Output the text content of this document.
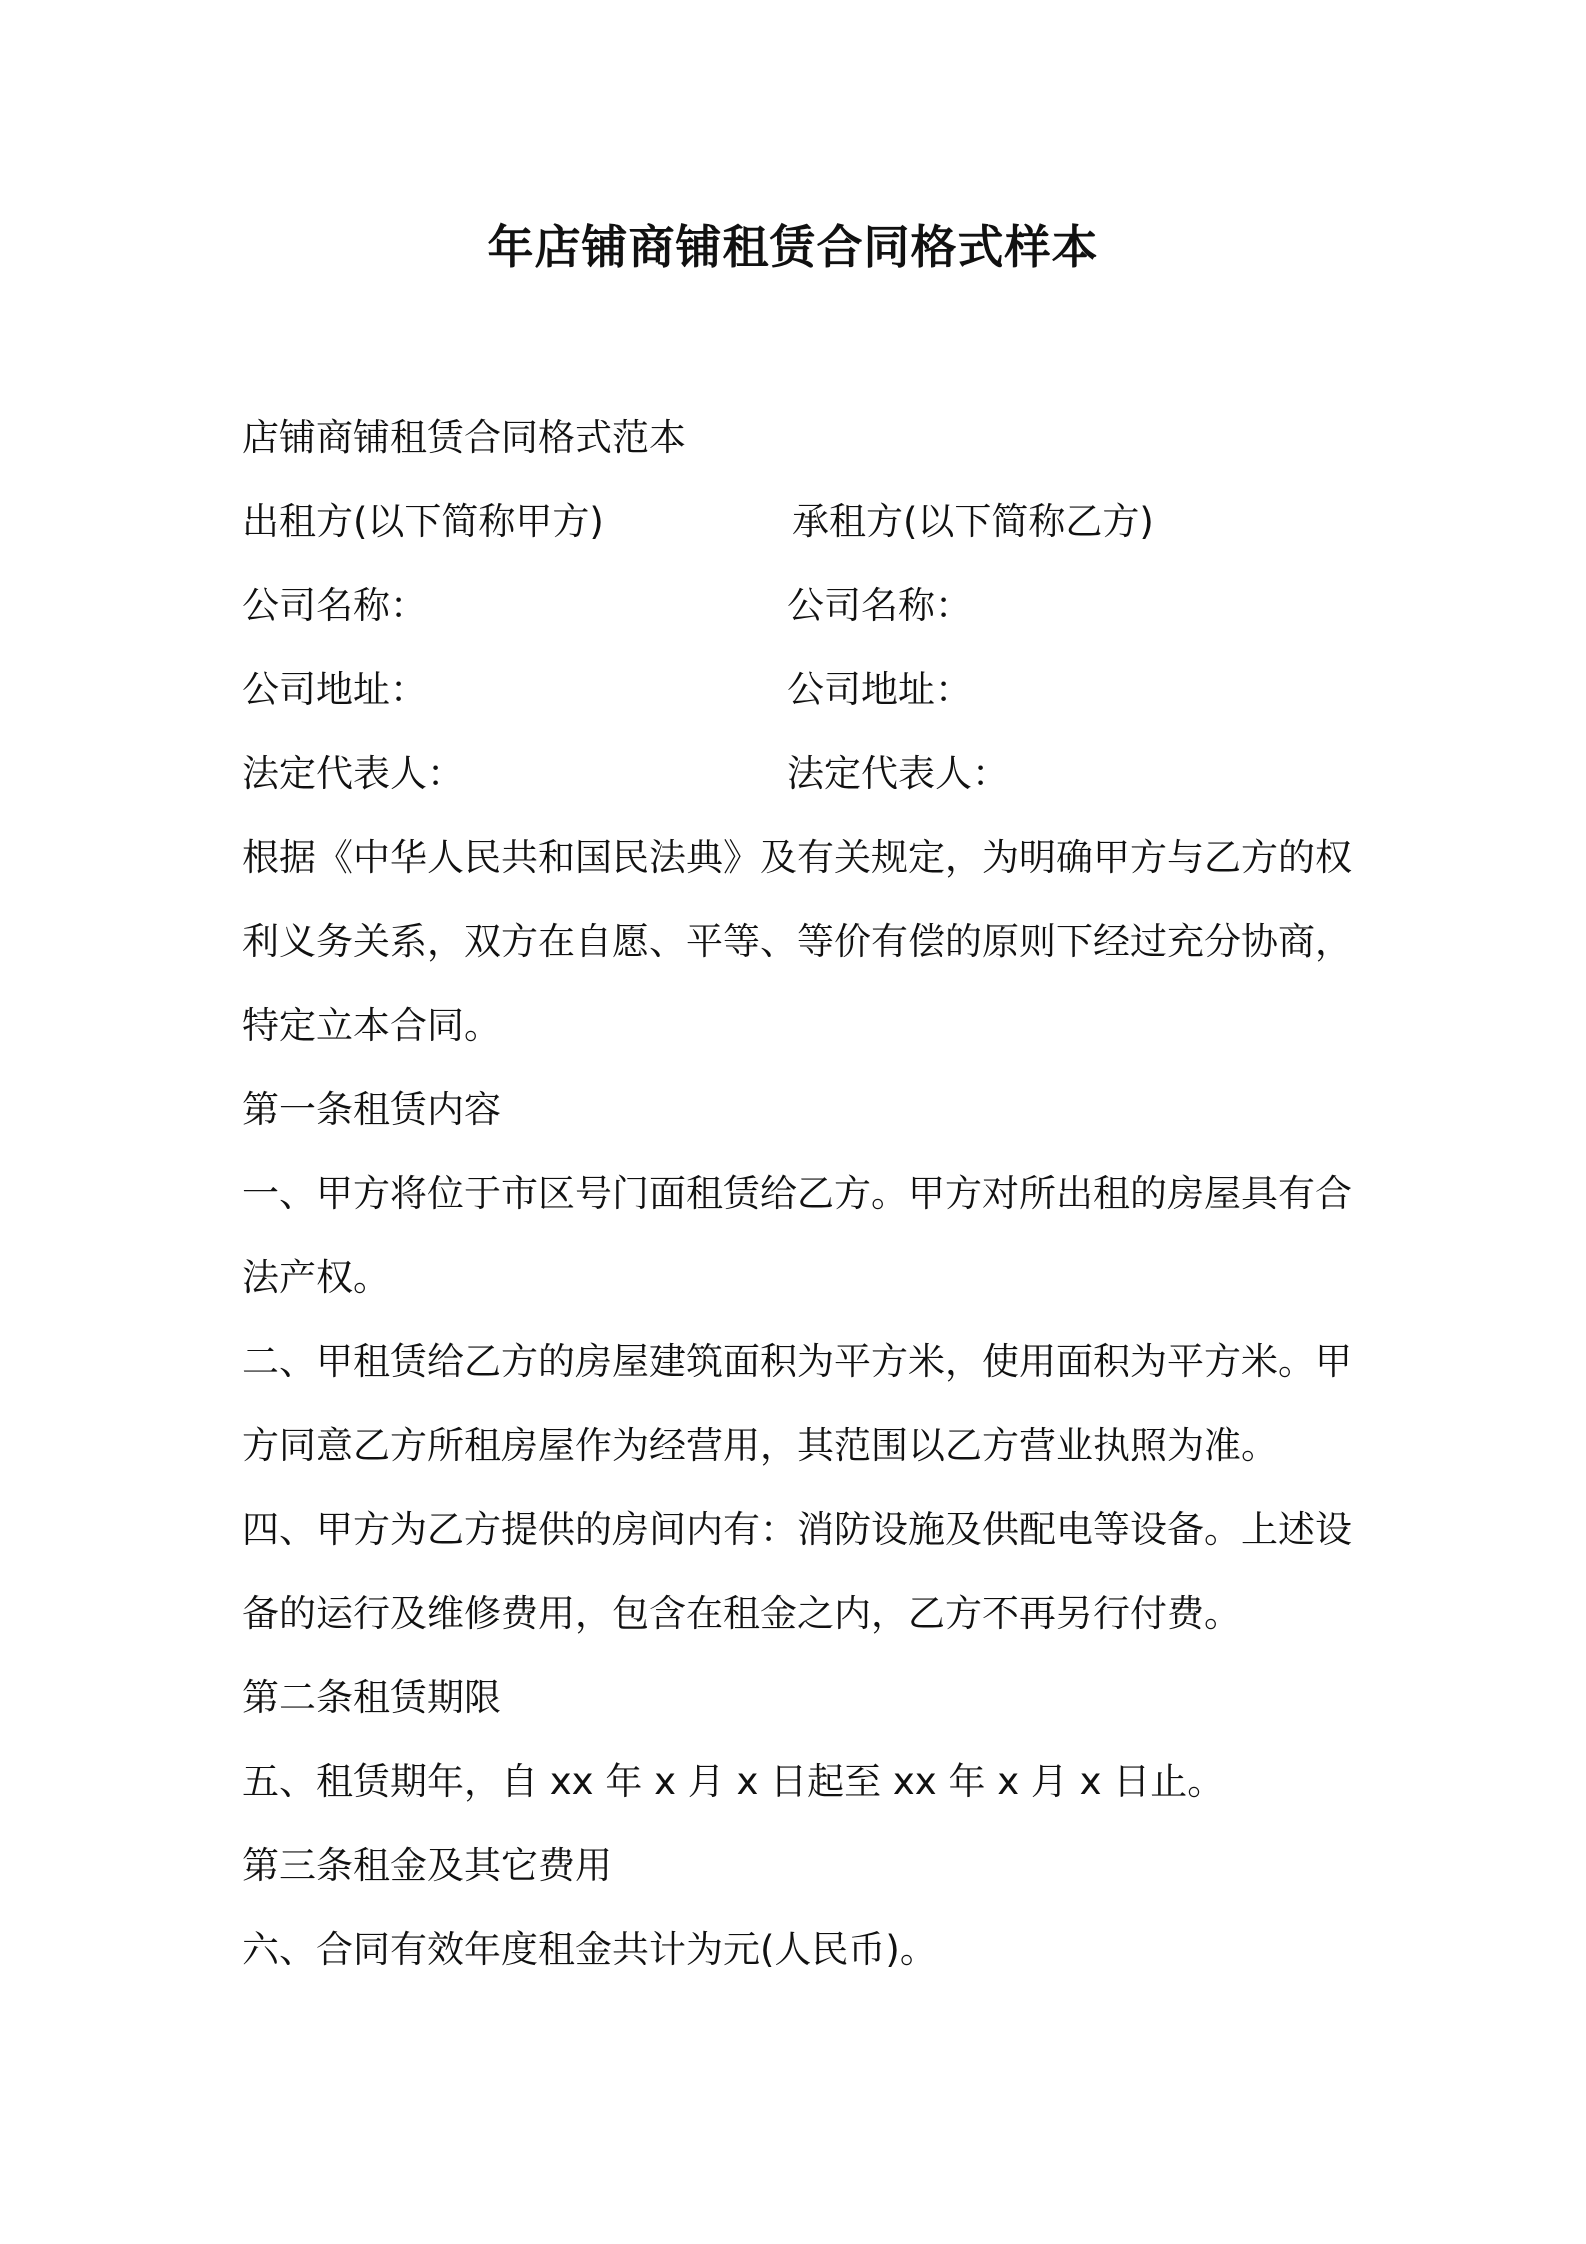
年店铺商铺租赁合同格式样本
店铺商铺租赁合同格式范本
出租方(以下简称甲方)	承租方(以下简称乙方)
公司名称：	公司名称：
公司地址：	公司地址：
法定代表人：	法定代表人：
根据《中华人民共和国民法典》及有关规定，为明确甲方与乙方的权
利义务关系，双方在自愿、平等、等价有偿的原则下经过充分协商，
特定立本合同。
第一条租赁内容
一、甲方将位于市区号门面租赁给乙方。甲方对所出租的房屋具有合
法产权。
二、甲租赁给乙方的房屋建筑面积为平方米，使用面积为平方米。甲
方同意乙方所租房屋作为经营用，其范围以乙方营业执照为准。
四、甲方为乙方提供的房间内有：消防设施及供配电等设备。上述设
备的运行及维修费用，包含在租金之内，乙方不再另行付费。
第二条租赁期限
五、租赁期年，自 xx 年 x 月 x 日起至 xx 年 x 月 x 日止。
第三条租金及其它费用
六、合同有效年度租金共计为元(人民币)。
